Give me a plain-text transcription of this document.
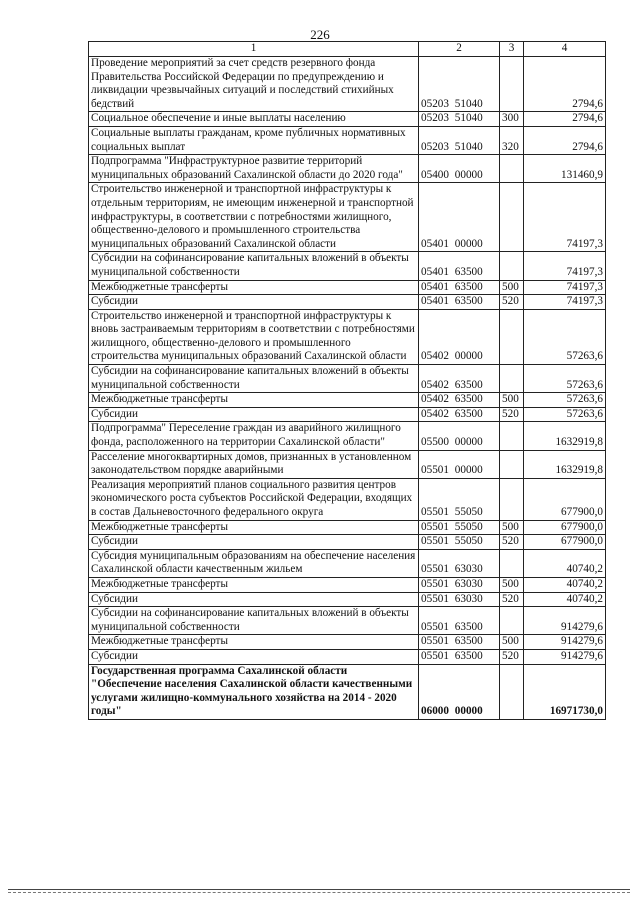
226
1	2	3	4
Проведение мероприятий за счет средств резервного фонда Правительства Российской Федерации по предупреждению и ликвидации чрезвычайных ситуаций и последствий стихийных бедствий	05203 51040		2794,6
Социальное обеспечение и иные выплаты населению	05203 51040	300	2794,6
Социальные выплаты гражданам, кроме публичных нормативных социальных выплат	05203 51040	320	2794,6
Подпрограмма "Инфраструктурное развитие территорий муниципальных образований Сахалинской области до 2020 года"	05400 00000		131460,9
Строительство инженерной и транспортной инфраструктуры к отдельным территориям, не имеющим инженерной и транспортной инфраструктуры, в соответствии с потребностями жилищного, общественно-делового и промышленного строительства муниципальных образований Сахалинской области	05401 00000		74197,3
Субсидии на софинансирование капитальных вложений в объекты муниципальной собственности	05401 63500		74197,3
Межбюджетные трансферты	05401 63500	500	74197,3
Субсидии	05401 63500	520	74197,3
Строительство инженерной и транспортной инфраструктуры к вновь застраиваемым территориям в соответствии с потребностями жилищного, общественно-делового и промышленного строительства муниципальных образований Сахалинской области	05402 00000		57263,6
Субсидии на софинансирование капитальных вложений в объекты муниципальной собственности	05402 63500		57263,6
Межбюджетные трансферты	05402 63500	500	57263,6
Субсидии	05402 63500	520	57263,6
Подпрограмма" Переселение граждан из аварийного жилищного фонда, расположенного на территории Сахалинской области"	05500 00000		1632919,8
Расселение многоквартирных домов, признанных в установленном законодательством порядке аварийными	05501 00000		1632919,8
Реализация мероприятий планов социального развития центров экономического роста субъектов Российской Федерации, входящих в состав Дальневосточного федерального округа	05501 55050		677900,0
Межбюджетные трансферты	05501 55050	500	677900,0
Субсидии	05501 55050	520	677900,0
Субсидия муниципальным образованиям на обеспечение населения Сахалинской области качественным жильем	05501 63030		40740,2
Межбюджетные трансферты	05501 63030	500	40740,2
Субсидии	05501 63030	520	40740,2
Субсидии на софинансирование капитальных вложений в объекты муниципальной собственности	05501 63500		914279,6
Межбюджетные трансферты	05501 63500	500	914279,6
Субсидии	05501 63500	520	914279,6
Государственная программа Сахалинской области "Обеспечение населения Сахалинской области качественными услугами жилищно-коммунального хозяйства на 2014 - 2020 годы"	06000 00000		16971730,0
